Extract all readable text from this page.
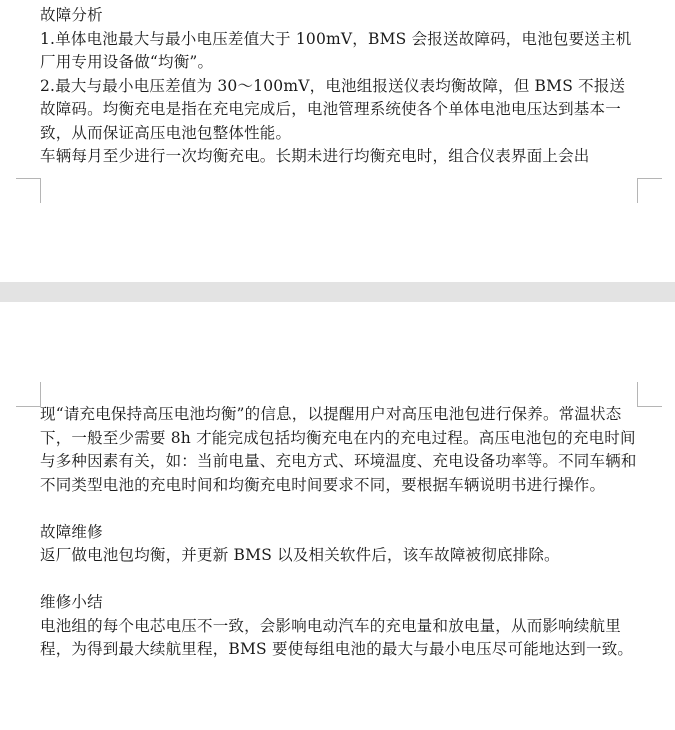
故障分析

1.单体电池最大与最小电压差值大于 100mV，BMS 会报送故障码，电池包要送主机厂用专用设备做“均衡”。

2.最大与最小电压差值为 30～100mV，电池组报送仪表均衡故障，但 BMS 不报送故障码。均衡充电是指在充电完成后，电池管理系统使各个单体电池电压达到基本一致，从而保证高压电池包整体性能。

车辆每月至少进行一次均衡充电。长期未进行均衡充电时，组合仪表界面上会出

现“请充电保持高压电池均衡”的信息，以提醒用户对高压电池包进行保养。常温状态下，一般至少需要 8h 才能完成包括均衡充电在内的充电过程。高压电池包的充电时间与多种因素有关，如：当前电量、充电方式、环境温度、充电设备功率等。不同车辆和不同类型电池的充电时间和均衡充电时间要求不同，要根据车辆说明书进行操作。

故障维修

返厂做电池包均衡，并更新 BMS 以及相关软件后，该车故障被彻底排除。

维修小结

电池组的每个电芯电压不一致，会影响电动汽车的充电量和放电量，从而影响续航里程，为得到最大续航里程，BMS 要使每组电池的最大与最小电压尽可能地达到一致。
